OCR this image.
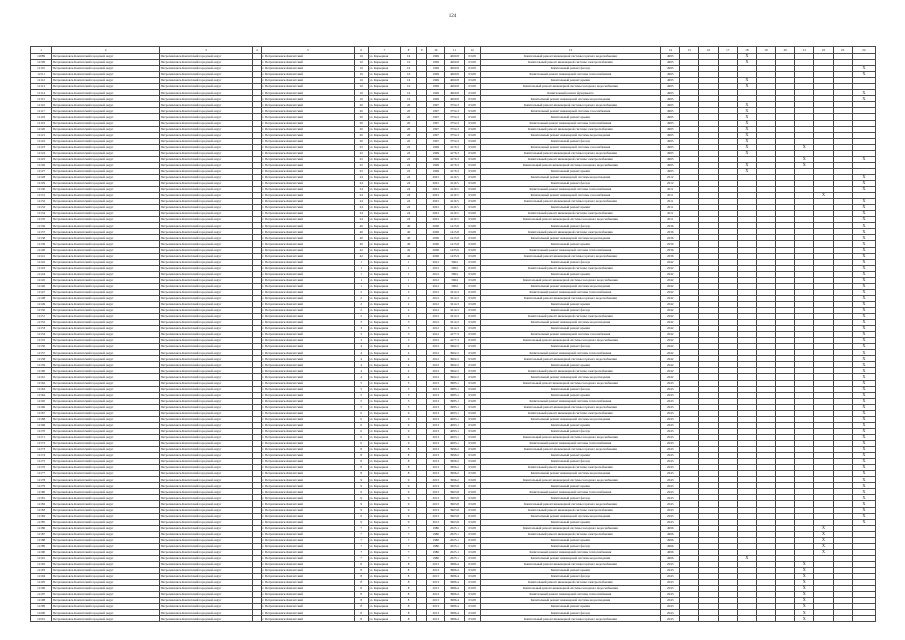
124
1	2	3	4	5	6	7	8	9	10	11	12	13	14	15	16	17	18	19	20	21	22	23	24
12089	Петропавловск-Камчатский городской округ	Петропавловск-Камчатский городской округ		г. Петропавловск-Камчатский	16	ул. Карьерная	16		1969	4060.8	03.08	Капитальный ремонт инженерной системы горячего водоснабжения	4995				X						
12109	Петропавловск-Камчатский городской округ	Петропавловск-Камчатский городской округ		г. Петропавловск-Камчатский	16	ул. Карьерная	16		1969	4060.8	03.08	Капитальный ремонт инженерной системы электроснабжения	4995				X						
12110	Петропавловск-Камчатский городской округ	Петропавловск-Камчатский городской округ		г. Петропавловск-Камчатский	16	ул. Карьерная	16		1969	4060.8	03.08	Капитальный ремонт фасада	4995										X
12111	Петропавловск-Камчатский городской округ	Петропавловск-Камчатский городской округ		г. Петропавловск-Камчатский	16	ул. Карьерная	16		1969	4060.8	03.08	Капитальный ремонт инженерной системы теплоснабжения	4995										X
12112	Петропавловск-Камчатский городской округ	Петропавловск-Камчатский городской округ		г. Петропавловск-Камчатский	16	ул. Карьерная	16		1969	4060.8	03.08	Капитальный ремонт крыши	4995				X						
12113	Петропавловск-Камчатский городской округ	Петропавловск-Камчатский городской округ		г. Петропавловск-Камчатский	16	ул. Карьерная	16		1969	4060.8	03.08	Капитальный ремонт инженерной системы холодного водоснабжения	4995				X						
12114	Петропавловск-Камчатский городской округ	Петропавловск-Камчатский городской округ		г. Петропавловск-Камчатский	16	ул. Карьерная	16		1969	4060.8	03.08	Капитальный ремонт фундамента	4995										X
12115	Петропавловск-Камчатский городской округ	Петропавловск-Камчатский городской округ		г. Петропавловск-Камчатский	16	ул. Карьерная	16		1969	4060.8	03.08	Капитальный ремонт инженерной системы водоотведения	4995										X
12116	Петропавловск-Камчатский городской округ	Петропавловск-Камчатский городской округ		г. Петропавловск-Камчатский	20	ул. Карьерная	20		1997	3754.3	03.08	Капитальный ремонт инженерной системы горячего водоснабжения	4995				X						
12117	Петропавловск-Камчатский городской округ	Петропавловск-Камчатский городской округ		г. Петропавловск-Камчатский	20	ул. Карьерная	20		1997	3754.3	03.08	Капитальный ремонт инженерной системы газоснабжения	4995				X						
12118	Петропавловск-Камчатский городской округ	Петропавловск-Камчатский городской округ		г. Петропавловск-Камчатский	20	ул. Карьерная	20		1997	3754.3	03.08	Капитальный ремонт крыши	4995				X						
12119	Петропавловск-Камчатский городской округ	Петропавловск-Камчатский городской округ		г. Петропавловск-Камчатский	20	ул. Карьерная	20		1997	3754.3	03.08	Капитальный ремонт инженерной системы теплоснабжения	4995				X						
12120	Петропавловск-Камчатский городской округ	Петропавловск-Камчатский городской округ		г. Петропавловск-Камчатский	20	ул. Карьерная	20		1997	3754.3	03.08	Капитальный ремонт инженерной системы электроснабжения	4995				X						
12121	Петропавловск-Камчатский городской округ	Петропавловск-Камчатский городской округ		г. Петропавловск-Камчатский	20	ул. Карьерная	20		1997	3754.3	03.08	Капитальный ремонт инженерной системы водоотведения	4995				X						
12122	Петропавловск-Камчатский городской округ	Петропавловск-Камчатский городской округ		г. Петропавловск-Камчатский	20	ул. Карьерная	20		1997	3754.3	03.08	Капитальный ремонт фасада	4995				X						
12123	Петропавловск-Камчатский городской округ	Петропавловск-Камчатский городской округ		г. Петропавловск-Камчатский	22	ул. Карьерная	22		1999	4176.3	03.08	Капитальный ремонт инженерной системы газоснабжения	4995				X			X			
12124	Петропавловск-Камчатский городской округ	Петропавловск-Камчатский городской округ		г. Петропавловск-Камчатский	22	ул. Карьерная	22		1999	4176.3	03.08	Капитальный ремонт инженерной системы горячего водоснабжения	4995				X						
12125	Петропавловск-Камчатский городской округ	Петропавловск-Камчатский городской округ		г. Петропавловск-Камчатский	22	ул. Карьерная	22		1999	4176.3	03.08	Капитальный ремонт инженерной системы электроснабжения	4995							X			X
12126	Петропавловск-Камчатский городской округ	Петропавловск-Камчатский городской округ		г. Петропавловск-Камчатский	22	ул. Карьерная	22		1999	4176.3	03.08	Капитальный ремонт инженерной системы холодного водоснабжения	4995				X			X			
12127	Петропавловск-Камчатский городской округ	Петропавловск-Камчатский городской округ		г. Петропавловск-Камчатский	22	ул. Карьерная	22		1999	4176.3	03.08	Капитальный ремонт крыши	4995				X						
12128	Петропавловск-Камчатский городской округ	Петропавловск-Камчатский городской округ		г. Петропавловск-Камчатский	24	ул. Карьерная	24		2001	4110.5	03.08	Капитальный ремонт инженерной системы водоотведения	2012										X
12129	Петропавловск-Камчатский городской округ	Петропавловск-Камчатский городской округ		г. Петропавловск-Камчатский	24	ул. Карьерная	24		2001	4110.5	03.08	Капитальный ремонт фасада	2012										X
12130	Петропавловск-Камчатский городской округ	Петропавловск-Камчатский городской округ		г. Петропавловск-Камчатский	24	ул. Карьерная	24		2001	4110.5	03.08	Капитальный ремонт инженерной системы теплоснабжения	2011										X
12131	Петропавловск-Камчатский городской округ	Петропавловск-Камчатский городской округ		г. Петропавловск-Камчатский	24	ул. Карьерная	24		2001	4110.5	03.08	Капитальный ремонт инженерной системы газоснабжения	2011								X		
12132	Петропавловск-Камчатский городской округ	Петропавловск-Камчатский городской округ		г. Петропавловск-Камчатский	24	ул. Карьерная	24		2001	4110.5	03.08	Капитальный ремонт инженерной системы горячего водоснабжения	2011										X
12133	Петропавловск-Камчатский городской округ	Петропавловск-Камчатский городской округ		г. Петропавловск-Камчатский	24	ул. Карьерная	24		2001	4110.5	03.08	Капитальный ремонт крыши	2011										X
12134	Петропавловск-Камчатский городской округ	Петропавловск-Камчатский городской округ		г. Петропавловск-Камчатский	24	ул. Карьерная	24		2001	4110.5	03.08	Капитальный ремонт инженерной системы электроснабжения	2011										X
12135	Петропавловск-Камчатский городской округ	Петропавловск-Камчатский городской округ		г. Петропавловск-Камчатский	24	ул. Карьерная	24		2001	4110.5	03.08	Капитальный ремонт инженерной системы холодного водоснабжения	2011										X
12136	Петропавловск-Камчатский городской округ	Петропавловск-Камчатский городской округ		г. Петропавловск-Камчатский	40	ул. Карьерная	40		2006	1415.8	03.08	Капитальный ремонт фасада	2036										X
12137	Петропавловск-Камчатский городской округ	Петропавловск-Камчатский городской округ		г. Петропавловск-Камчатский	40	ул. Карьерная	40		2006	1415.8	03.08	Капитальный ремонт инженерной системы электроснабжения	2036										X
12138	Петропавловск-Камчатский городской округ	Петропавловск-Камчатский городской округ		г. Петропавловск-Камчатский	40	ул. Карьерная	40		2006	1415.8	03.08	Капитальный ремонт инженерной системы водоотведения	2036										X
12139	Петропавловск-Камчатский городской округ	Петропавловск-Камчатский городской округ		г. Петропавловск-Камчатский	40	ул. Карьерная	40		2006	1415.8	03.08	Капитальный ремонт крыши	2036										X
12140	Петропавловск-Камчатский городской округ	Петропавловск-Камчатский городской округ		г. Петропавловск-Камчатский	42	ул. Карьерная	42		2006	1435.9	03.08	Капитальный ремонт инженерной системы теплоснабжения	2036										X
12141	Петропавловск-Камчатский городской округ	Петропавловск-Камчатский городской округ		г. Петропавловск-Камчатский	42	ул. Карьерная	42		2006	1435.9	03.08	Капитальный ремонт инженерной системы горячего водоснабжения	2036										X
12142	Петропавловск-Камчатский городской округ	Петропавловск-Камчатский городской округ		г. Петропавловск-Камчатский	1	ул. Карьерная	1		2012	3064	03.08	Капитальный ремонт фасада	2042										X
12143	Петропавловск-Камчатский городской округ	Петропавловск-Камчатский городской округ		г. Петропавловск-Камчатский	1	ул. Карьерная	1		2012	3064	03.08	Капитальный ремонт инженерной системы электроснабжения	2042										X
12144	Петропавловск-Камчатский городской округ	Петропавловск-Камчатский городской округ		г. Петропавловск-Камчатский	1	ул. Карьерная	1		2012	3064	03.08	Капитальный ремонт крыши	2042										X
12145	Петропавловск-Камчатский городской округ	Петропавловск-Камчатский городской округ		г. Петропавловск-Камчатский	1	ул. Карьерная	1		2012	3064	03.08	Капитальный ремонт инженерной системы холодного водоснабжения	2042										X
12146	Петропавловск-Камчатский городской округ	Петропавловск-Камчатский городской округ		г. Петропавловск-Камчатский	1	ул. Карьерная	1		2012	3064	03.08	Капитальный ремонт инженерной системы водоотведения	2042										X
12147	Петропавловск-Камчатский городской округ	Петропавловск-Камчатский городской округ		г. Петропавловск-Камчатский	2	ул. Карьерная	2		2012	3214.3	03.08	Капитальный ремонт инженерной системы теплоснабжения	2042										X
12148	Петропавловск-Камчатский городской округ	Петропавловск-Камчатский городской округ		г. Петропавловск-Камчатский	2	ул. Карьерная	2		2012	3214.3	03.08	Капитальный ремонт инженерной системы горячего водоснабжения	2042										X
12149	Петропавловск-Камчатский городской округ	Петропавловск-Камчатский городской округ		г. Петропавловск-Камчатский	2	ул. Карьерная	2		2012	3214.3	03.08	Капитальный ремонт крыши	2042										X
12150	Петропавловск-Камчатский городской округ	Петропавловск-Камчатский городской округ		г. Петропавловск-Камчатский	2	ул. Карьерная	2		2012	3214.3	03.08	Капитальный ремонт фасада	2042										X
12151	Петропавловск-Камчатский городской округ	Петропавловск-Камчатский городской округ		г. Петропавловск-Камчатский	2	ул. Карьерная	2		2012	3214.3	03.08	Капитальный ремонт инженерной системы электроснабжения	2042										X
12152	Петропавловск-Камчатский городской округ	Петропавловск-Камчатский городской округ		г. Петропавловск-Камчатский	3	ул. Карьерная	3		2012	3214.3	03.08	Капитальный ремонт инженерной системы водоотведения	2042										X
12153	Петропавловск-Камчатский городской округ	Петропавловск-Камчатский городской округ		г. Петропавловск-Камчатский	3	ул. Карьерная	3		2012	3214.3	03.08	Капитальный ремонт крыши	2042										X
12154	Петропавловск-Камчатский городской округ	Петропавловск-Камчатский городской округ		г. Петропавловск-Камчатский	3	ул. Карьерная	3		2012	4177.3	03.08	Капитальный ремонт инженерной системы газоснабжения	2042										X
12155	Петропавловск-Камчатский городской округ	Петропавловск-Камчатский городской округ		г. Петропавловск-Камчатский	3	ул. Карьерная	3		2012	4177.3	03.08	Капитальный ремонт инженерной системы холодного водоснабжения	2042										X
12156	Петропавловск-Камчатский городской округ	Петропавловск-Камчатский городской округ		г. Петропавловск-Камчатский	4	ул. Карьерная	4		2012	3962.2	03.08	Капитальный ремонт фасада	2042										X
12157	Петропавловск-Камчатский городской округ	Петропавловск-Камчатский городской округ		г. Петропавловск-Камчатский	4	ул. Карьерная	4		2012	3962.2	03.08	Капитальный ремонт инженерной системы теплоснабжения	2042										X
12158	Петропавловск-Камчатский городской округ	Петропавловск-Камчатский городской округ		г. Петропавловск-Камчатский	4	ул. Карьерная	4		2012	3962.2	03.08	Капитальный ремонт инженерной системы горячего водоснабжения	2042										X
12159	Петропавловск-Камчатский городской округ	Петропавловск-Камчатский городской округ		г. Петропавловск-Камчатский	4	ул. Карьерная	4		2012	3962.2	03.08	Капитальный ремонт крыши	2042										X
12160	Петропавловск-Камчатский городской округ	Петропавловск-Камчатский городской округ		г. Петропавловск-Камчатский	4	ул. Карьерная	4		2012	3962.2	03.08	Капитальный ремонт инженерной системы электроснабжения	2042										X
12161	Петропавловск-Камчатский городской округ	Петропавловск-Камчатский городской округ		г. Петропавловск-Камчатский	4	ул. Карьерная	4		2012	3962.2	03.08	Капитальный ремонт инженерной системы водоотведения	2042										X
12162	Петропавловск-Камчатский городской округ	Петропавловск-Камчатский городской округ		г. Петропавловск-Камчатский	5	ул. Карьерная	5		2013	3985.1	03.08	Капитальный ремонт инженерной системы холодного водоснабжения	2043										X
12163	Петропавловск-Камчатский городской округ	Петропавловск-Камчатский городской округ		г. Петропавловск-Камчатский	5	ул. Карьерная	5		2013	3985.1	03.08	Капитальный ремонт фасада	2043										X
12164	Петропавловск-Камчатский городской округ	Петропавловск-Камчатский городской округ		г. Петропавловск-Камчатский	5	ул. Карьерная	5		2013	3985.1	03.08	Капитальный ремонт крыши	2043										X
12165	Петропавловск-Камчатский городской округ	Петропавловск-Камчатский городской округ		г. Петропавловск-Камчатский	5	ул. Карьерная	5		2013	3985.1	03.08	Капитальный ремонт инженерной системы теплоснабжения	2043										X
12166	Петропавловск-Камчатский городской округ	Петропавловск-Камчатский городской округ		г. Петропавловск-Камчатский	5	ул. Карьерная	5		2013	3985.1	03.08	Капитальный ремонт инженерной системы горячего водоснабжения	2043										X
12167	Петропавловск-Камчатский городской округ	Петропавловск-Камчатский городской округ		г. Петропавловск-Камчатский	6	ул. Карьерная	6		2013	4093.1	03.08	Капитальный ремонт инженерной системы электроснабжения	2043										X
12168	Петропавловск-Камчатский городской округ	Петропавловск-Камчатский городской округ		г. Петропавловск-Камчатский	6	ул. Карьерная	6		2013	4093.1	03.08	Капитальный ремонт инженерной системы водоотведения	2043										X
12169	Петропавловск-Камчатский городской округ	Петропавловск-Камчатский городской округ		г. Петропавловск-Камчатский	6	ул. Карьерная	6		2013	4093.1	03.08	Капитальный ремонт крыши	2043										X
12170	Петропавловск-Камчатский городской округ	Петропавловск-Камчатский городской округ		г. Петропавловск-Камчатский	6	ул. Карьерная	6		2013	4093.1	03.08	Капитальный ремонт фасада	2043										X
12171	Петропавловск-Камчатский городской округ	Петропавловск-Камчатский городской округ		г. Петропавловск-Камчатский	6	ул. Карьерная	6		2013	4093.1	03.08	Капитальный ремонт инженерной системы холодного водоснабжения	2043										X
12172	Петропавловск-Камчатский городской округ	Петропавловск-Камчатский городской округ		г. Петропавловск-Камчатский	6	ул. Карьерная	6		2013	4093.1	03.08	Капитальный ремонт инженерной системы теплоснабжения	2043										X
12173	Петропавловск-Камчатский городской округ	Петропавловск-Камчатский городской округ		г. Петропавловск-Камчатский	8	ул. Карьерная	8		2013	3996.2	03.08	Капитальный ремонт инженерной системы горячего водоснабжения	2043										X
12174	Петропавловск-Камчатский городской округ	Петропавловск-Камчатский городской округ		г. Петропавловск-Камчатский	8	ул. Карьерная	8		2013	3996.2	03.08	Капитальный ремонт крыши	2043										X
12175	Петропавловск-Камчатский городской округ	Петропавловск-Камчатский городской округ		г. Петропавловск-Камчатский	8	ул. Карьерная	8		2013	3996.2	03.08	Капитальный ремонт фасада	2043										X
12176	Петропавловск-Камчатский городской округ	Петропавловск-Камчатский городской округ		г. Петропавловск-Камчатский	8	ул. Карьерная	8		2013	3996.2	03.08	Капитальный ремонт инженерной системы электроснабжения	2043										X
12177	Петропавловск-Камчатский городской округ	Петропавловск-Камчатский городской округ		г. Петропавловск-Камчатский	8	ул. Карьерная	8		2013	3996.2	03.08	Капитальный ремонт инженерной системы водоотведения	2043										X
12178	Петропавловск-Камчатский городской округ	Петропавловск-Камчатский городской округ		г. Петропавловск-Камчатский	9	ул. Карьерная	9		2013	3996.2	03.08	Капитальный ремонт инженерной системы холодного водоснабжения	2043										X
12179	Петропавловск-Камчатский городской округ	Петропавловск-Камчатский городской округ		г. Петропавловск-Камчатский	9	ул. Карьерная	9		2013	3963.8	03.08	Капитальный ремонт крыши	2043										X
12180	Петропавловск-Камчатский городской округ	Петропавловск-Камчатский городской округ		г. Петропавловск-Камчатский	9	ул. Карьерная	9		2013	3963.8	03.08	Капитальный ремонт инженерной системы теплоснабжения	2043										X
12181	Петропавловск-Камчатский городской округ	Петропавловск-Камчатский городской округ		г. Петропавловск-Камчатский	9	ул. Карьерная	9		2013	3963.8	03.08	Капитальный ремонт фасада	2043										X
12182	Петропавловск-Камчатский городской округ	Петропавловск-Камчатский городской округ		г. Петропавловск-Камчатский	9	ул. Карьерная	9		2013	3963.8	03.08	Капитальный ремонт инженерной системы горячего водоснабжения	2043										X
12183	Петропавловск-Камчатский городской округ	Петропавловск-Камчатский городской округ		г. Петропавловск-Камчатский	9	ул. Карьерная	9		2013	3963.8	03.08	Капитальный ремонт инженерной системы электроснабжения	2043										X
12184	Петропавловск-Камчатский городской округ	Петропавловск-Камчатский городской округ		г. Петропавловск-Камчатский	9	ул. Карьерная	9		2013	3963.8	03.08	Капитальный ремонт инженерной системы водоотведения	2043										X
12185	Петропавловск-Камчатский городской округ	Петропавловск-Камчатский городской округ		г. Петропавловск-Камчатский	9	ул. Карьерная	9		2013	3963.8	03.08	Капитальный ремонт крыши	2043										X
12186	Петропавловск-Камчатский городской округ	Петропавловск-Камчатский городской округ		г. Петропавловск-Камчатский	7	ул. Карьерная	7		1986	2025.1	03.08	Капитальный ремонт инженерной системы холодного водоснабжения	4996								X		
12187	Петропавловск-Камчатский городской округ	Петропавловск-Камчатский городской округ		г. Петропавловск-Камчатский	7	ул. Карьерная	7		1986	2025.1	03.08	Капитальный ремонт инженерной системы электроснабжения	4996								X		
12188	Петропавловск-Камчатский городской округ	Петропавловск-Камчатский городской округ		г. Петропавловск-Камчатский	7	ул. Карьерная	7		1986	2025.1	03.08	Капитальный ремонт крыши	4996								X		
12189	Петропавловск-Камчатский городской округ	Петропавловск-Камчатский городской округ		г. Петропавловск-Камчатский	7	ул. Карьерная	7		1986	2025.1	03.08	Капитальный ремонт фасада	4996								X		
12190	Петропавловск-Камчатский городской округ	Петропавловск-Камчатский городской округ		г. Петропавловск-Камчатский	7	ул. Карьерная	7		1986	2025.1	03.08	Капитальный ремонт инженерной системы теплоснабжения	4996								X		
12191	Петропавловск-Камчатский городской округ	Петропавловск-Камчатский городской округ		г. Петропавловск-Камчатский	7	ул. Карьерная	7		1986	2025.1	03.08	Капитальный ремонт инженерной системы водоотведения	4996				X						
12192	Петропавловск-Камчатский городской округ	Петропавловск-Камчатский городской округ		г. Петропавловск-Камчатский	8	ул. Карьерная	8		2013	3986.4	03.08	Капитальный ремонт инженерной системы горячего водоснабжения	2043							X			
12193	Петропавловск-Камчатский городской округ	Петропавловск-Камчатский городской округ		г. Петропавловск-Камчатский	8	ул. Карьерная	8		2013	3986.4	03.08	Капитальный ремонт крыши	2043							X			
12194	Петропавловск-Камчатский городской округ	Петропавловск-Камчатский городской округ		г. Петропавловск-Камчатский	8	ул. Карьерная	8		2013	3986.4	03.08	Капитальный ремонт фасада	2043							X			
12195	Петропавловск-Камчатский городской округ	Петропавловск-Камчатский городской округ		г. Петропавловск-Камчатский	8	ул. Карьерная	8		2013	3986.4	03.08	Капитальный ремонт инженерной системы электроснабжения	2043							X			
12196	Петропавловск-Камчатский городской округ	Петропавловск-Камчатский городской округ		г. Петропавловск-Камчатский	8	ул. Карьерная	8		2013	3986.4	03.08	Капитальный ремонт инженерной системы холодного водоснабжения	2043							X			
12197	Петропавловск-Камчатский городской округ	Петропавловск-Камчатский городской округ		г. Петропавловск-Камчатский	8	ул. Карьерная	8		2013	3986.4	03.08	Капитальный ремонт инженерной системы теплоснабжения	2043							X			
12198	Петропавловск-Камчатский городской округ	Петропавловск-Камчатский городской округ		г. Петропавловск-Камчатский	8	ул. Карьерная	8		2013	3986.4	03.08	Капитальный ремонт инженерной системы водоотведения	2043							X			
12199	Петропавловск-Камчатский городской округ	Петропавловск-Камчатский городской округ		г. Петропавловск-Камчатский	8	ул. Карьерная	8		2013	3986.4	03.08	Капитальный ремонт крыши	2043							X			
12200	Петропавловск-Камчатский городской округ	Петропавловск-Камчатский городской округ		г. Петропавловск-Камчатский	8	ул. Карьерная	8		2013	3986.4	03.08	Капитальный ремонт фасада	2043							X			
12201	Петропавловск-Камчатский городской округ	Петропавловск-Камчатский городской округ		г. Петропавловск-Камчатский	8	ул. Карьерная	8		2013	3986.4	03.08	Капитальный ремонт инженерной системы горячего водоснабжения	2043							X			
